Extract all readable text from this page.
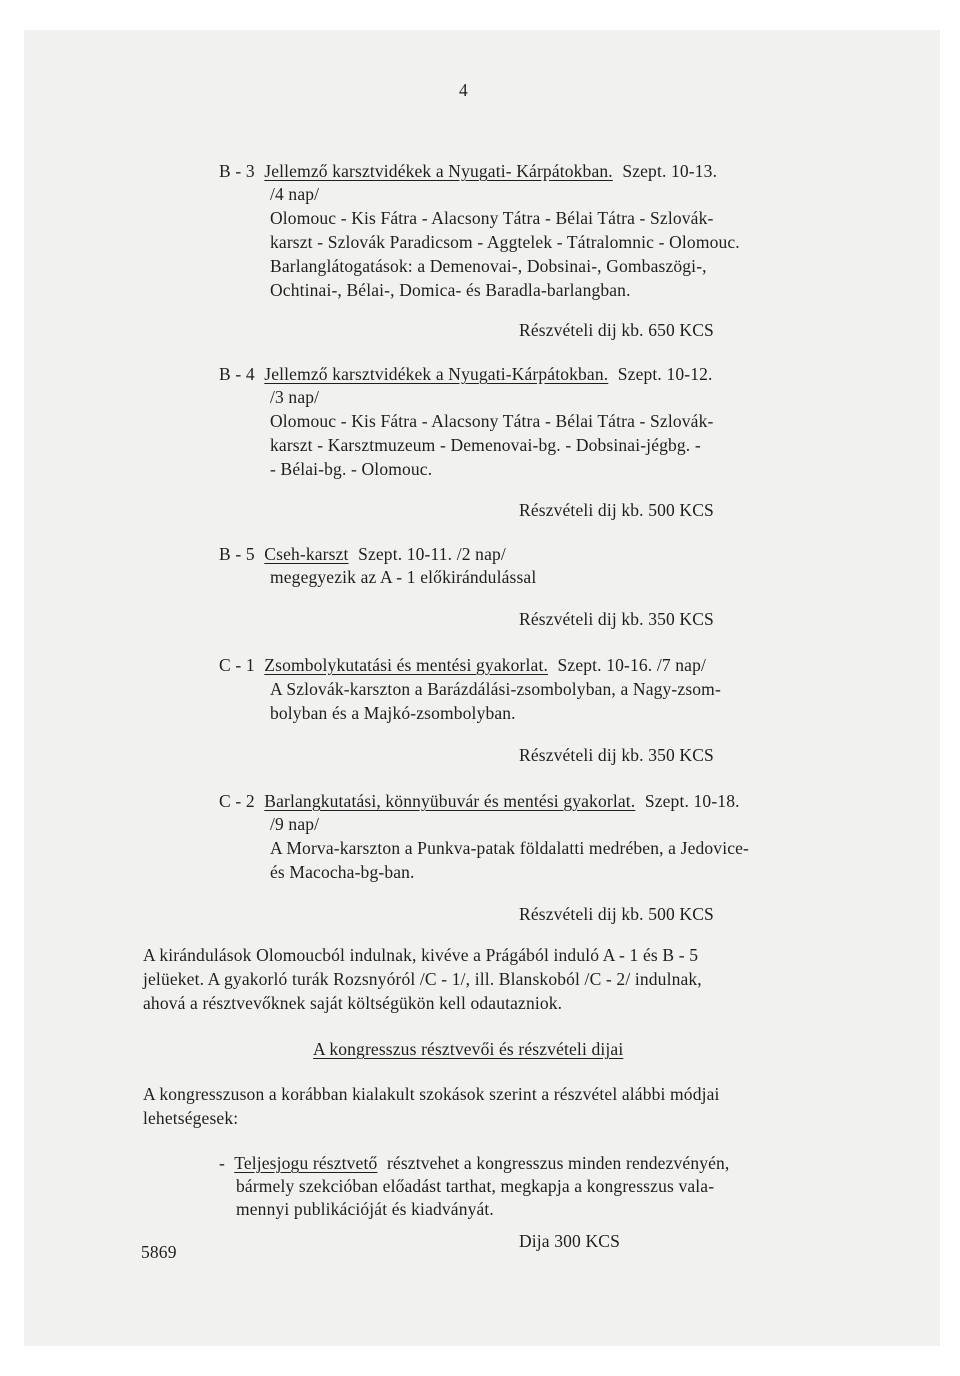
4
B - 3 Jellemző karsztvidékek a Nyugati- Kárpátokban. Szept. 10-13.
/4 nap/
Olomouc - Kis Fátra - Alacsony Tátra - Bélai Tátra - Szlovák-
karszt - Szlovák Paradicsom - Aggtelek - Tátralomnic - Olomouc.
Barlanglátogatások: a Demenovai-, Dobsinai-, Gombaszögi-,
Ochtinai-, Bélai-, Domica- és Baradla-barlangban.
Részvételi dij kb. 650 KCS
B - 4 Jellemző karsztvidékek a Nyugati-Kárpátokban. Szept. 10-12.
/3 nap/
Olomouc - Kis Fátra - Alacsony Tátra - Bélai Tátra - Szlovák-
karszt - Karsztmuzeum - Demenovai-bg. - Dobsinai-jégbg. -
- Bélai-bg. - Olomouc.
Részvételi dij kb. 500 KCS
B - 5 Cseh-karszt Szept. 10-11. /2 nap/
megegyezik az A - 1 előkirándulással
Részvételi dij kb. 350 KCS
C - 1 Zsombolykutatási és mentési gyakorlat. Szept. 10-16. /7 nap/
A Szlovák-karszton a Barázdálási-zsombolyban, a Nagy-zsom-
bolyban és a Majkó-zsombolyban.
Részvételi dij kb. 350 KCS
C - 2 Barlangkutatási, könnyübuvár és mentési gyakorlat. Szept. 10-18.
/9 nap/
A Morva-karszton a Punkva-patak földalatti medrében, a Jedovice-
és Macocha-bg-ban.
Részvételi dij kb. 500 KCS
A kirándulások Olomoucból indulnak, kivéve a Prágából induló A - 1 és B - 5
jelüeket. A gyakorló turák Rozsnyóról /C - 1/, ill. Blanskoból /C - 2/ indulnak,
ahová a résztvevőknek saját költségükön kell odautazniok.
A kongresszus résztvevői és részvételi dijai
A kongresszuson a korábban kialakult szokások szerint a részvétel alábbi módjai
lehetségesek:
- Teljesjogu résztvető résztvehet a kongresszus minden rendezvényén,
bármely szekcióban előadást tarthat, megkapja a kongresszus vala-
mennyi publikációját és kiadványát.
Dija 300 KCS
5869
